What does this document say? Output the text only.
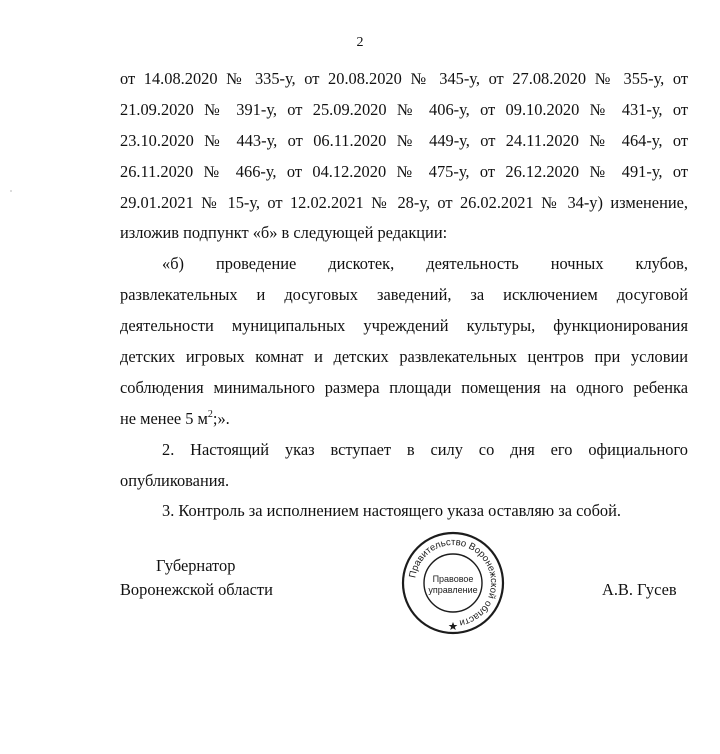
2

от 14.08.2020 № 335-у, от 20.08.2020 № 345-у, от 27.08.2020 № 355-у, от

21.09.2020 № 391-у, от 25.09.2020 № 406-у, от 09.10.2020 № 431-у, от

23.10.2020 № 443-у, от 06.11.2020 № 449-у, от 24.11.2020 № 464-у, от

26.11.2020 № 466-у, от 04.12.2020 № 475-у, от 26.12.2020 № 491-у, от

29.01.2021 № 15-у, от 12.02.2021 № 28-у, от 26.02.2021 № 34-у) изменение,

изложив подпункт «б» в следующей редакции:

«б) проведение дискотек, деятельность ночных клубов,

развлекательных и досуговых заведений, за исключением досуговой

деятельности муниципальных учреждений культуры, функционирования

детских игровых комнат и детских развлекательных центров при условии

соблюдения минимального размера площади помещения на одного ребенка

не менее 5 $м^2$;».

2. Настоящий указ вступает в силу со дня его официального

опубликования.

3. Контроль за исполнением настоящего указа оставляю за собой.

Губернатор
Воронежской области
Правительство Воронежской области
Правовое
управление	А.В. Гусев
